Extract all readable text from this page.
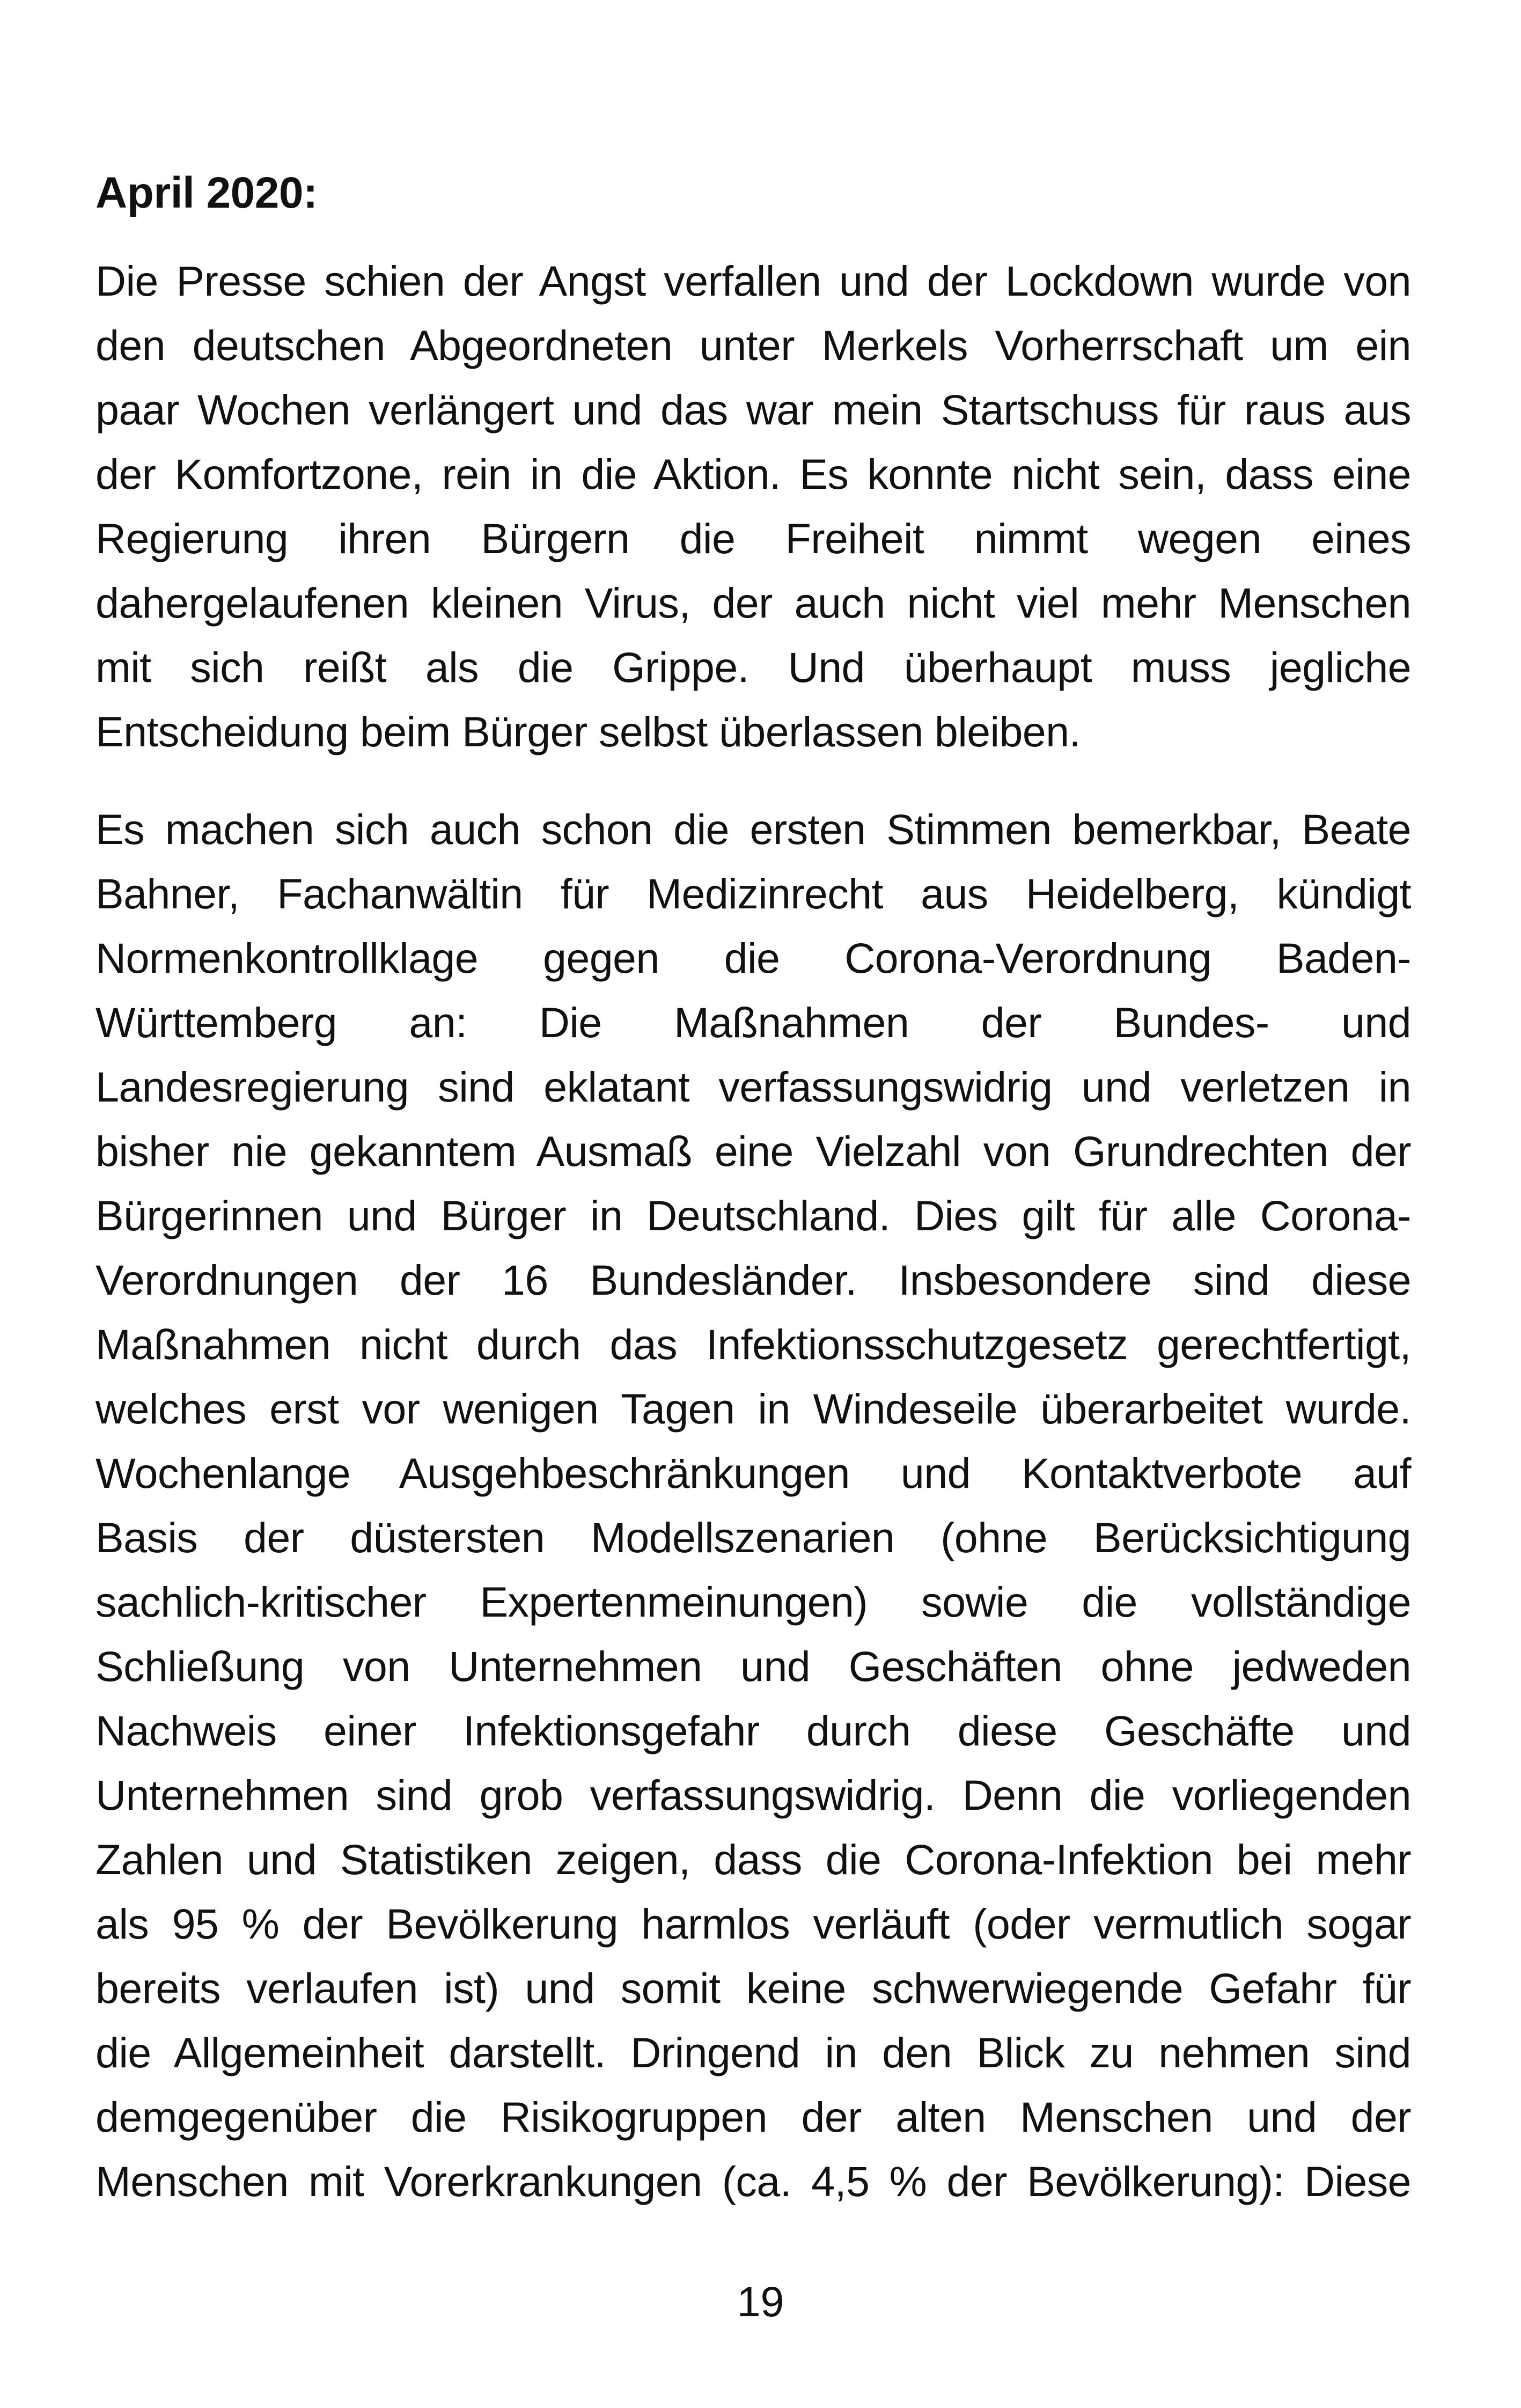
April 2020:
Die Presse schien der Angst verfallen und der Lockdown wurde von
den deutschen Abgeordneten unter Merkels Vorherrschaft um ein
paar Wochen verlängert und das war mein Startschuss für raus aus
der Komfortzone, rein in die Aktion. Es konnte nicht sein, dass eine
Regierung ihren Bürgern die Freiheit nimmt wegen eines
dahergelaufenen kleinen Virus, der auch nicht viel mehr Menschen
mit sich reißt als die Grippe. Und überhaupt muss jegliche
Entscheidung beim Bürger selbst überlassen bleiben.
Es machen sich auch schon die ersten Stimmen bemerkbar, Beate
Bahner, Fachanwältin für Medizinrecht aus Heidelberg, kündigt
Normenkontrollklage gegen die Corona-Verordnung Baden-
Württemberg an: Die Maßnahmen der Bundes- und
Landesregierung sind eklatant verfassungswidrig und verletzen in
bisher nie gekanntem Ausmaß eine Vielzahl von Grundrechten der
Bürgerinnen und Bürger in Deutschland. Dies gilt für alle Corona-
Verordnungen der 16 Bundesländer. Insbesondere sind diese
Maßnahmen nicht durch das Infektionsschutzgesetz gerechtfertigt,
welches erst vor wenigen Tagen in Windeseile überarbeitet wurde.
Wochenlange Ausgehbeschränkungen und Kontaktverbote auf
Basis der düstersten Modellszenarien (ohne Berücksichtigung
sachlich-kritischer Expertenmeinungen) sowie die vollständige
Schließung von Unternehmen und Geschäften ohne jedweden
Nachweis einer Infektionsgefahr durch diese Geschäfte und
Unternehmen sind grob verfassungswidrig. Denn die vorliegenden
Zahlen und Statistiken zeigen, dass die Corona-Infektion bei mehr
als 95 % der Bevölkerung harmlos verläuft (oder vermutlich sogar
bereits verlaufen ist) und somit keine schwerwiegende Gefahr für
die Allgemeinheit darstellt. Dringend in den Blick zu nehmen sind
demgegenüber die Risikogruppen der alten Menschen und der
Menschen mit Vorerkrankungen (ca. 4,5 % der Bevölkerung): Diese
19
